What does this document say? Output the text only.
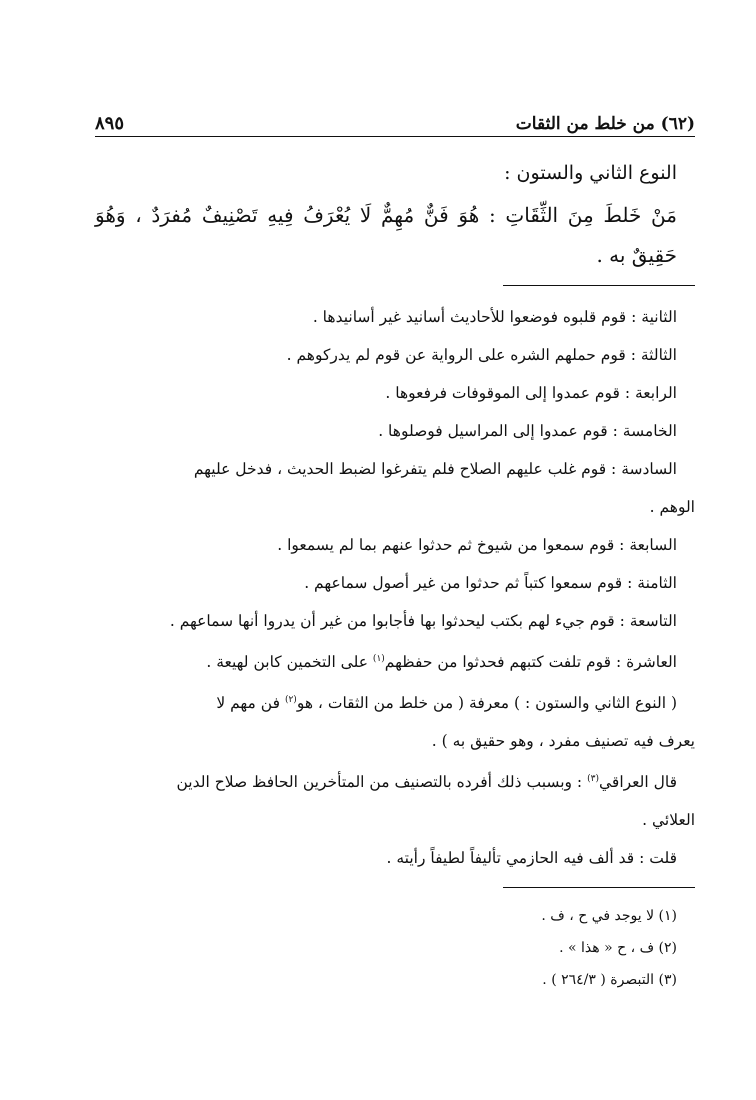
(٦٢) من خلط من الثقات
٨٩٥
النوع الثاني والستون :
مَنْ خَلطَ مِنَ الثِّقَاتِ : هُوَ فَنٌّ مُهِمٌّ لَا يُعْرَفُ فِيهِ تَصْنِيفٌ مُفرَدٌ ، وَهُوَ حَقِيقٌ به .

الثانية : قوم قلبوه فوضعوا للأحاديث أسانيد غير أسانيدها .

الثالثة : قوم حملهم الشره على الرواية عن قوم لم يدركوهم .

الرابعة : قوم عمدوا إلى الموقوفات فرفعوها .

الخامسة : قوم عمدوا إلى المراسيل فوصلوها .

السادسة : قوم غلب عليهم الصلاح فلم يتفرغوا لضبط الحديث ، فدخل عليهم

الوهم .

السابعة : قوم سمعوا من شيوخ ثم حدثوا عنهم بما لم يسمعوا .

الثامنة : قوم سمعوا كتباً ثم حدثوا من غير أصول سماعهم .

التاسعة : قوم جيء لهم بكتب ليحدثوا بها فأجابوا من غير أن يدروا أنها سماعهم .

العاشرة : قوم تلفت كتبهم فحدثوا من حفظهم$^{(١)}$ على التخمين كابن لهيعة .

( النوع الثاني والستون : ) معرفة ( من خلط من الثقات ، هو$^{(٢)}$ فن مهم لا

يعرف فيه تصنيف مفرد ، وهو حقيق به ) .

قال العراقي$^{(٣)}$ : وبسبب ذلك أفرده بالتصنيف من المتأخرين الحافظ صلاح الدين

العلائي .

قلت : قد ألف فيه الحازمي تأليفاً لطيفاً رأيته .

(١) لا يوجد في ح ، ف .
(٢) ف ، ح « هذا » .
(٣) التبصرة ( ٢٦٤/٣ ) .
